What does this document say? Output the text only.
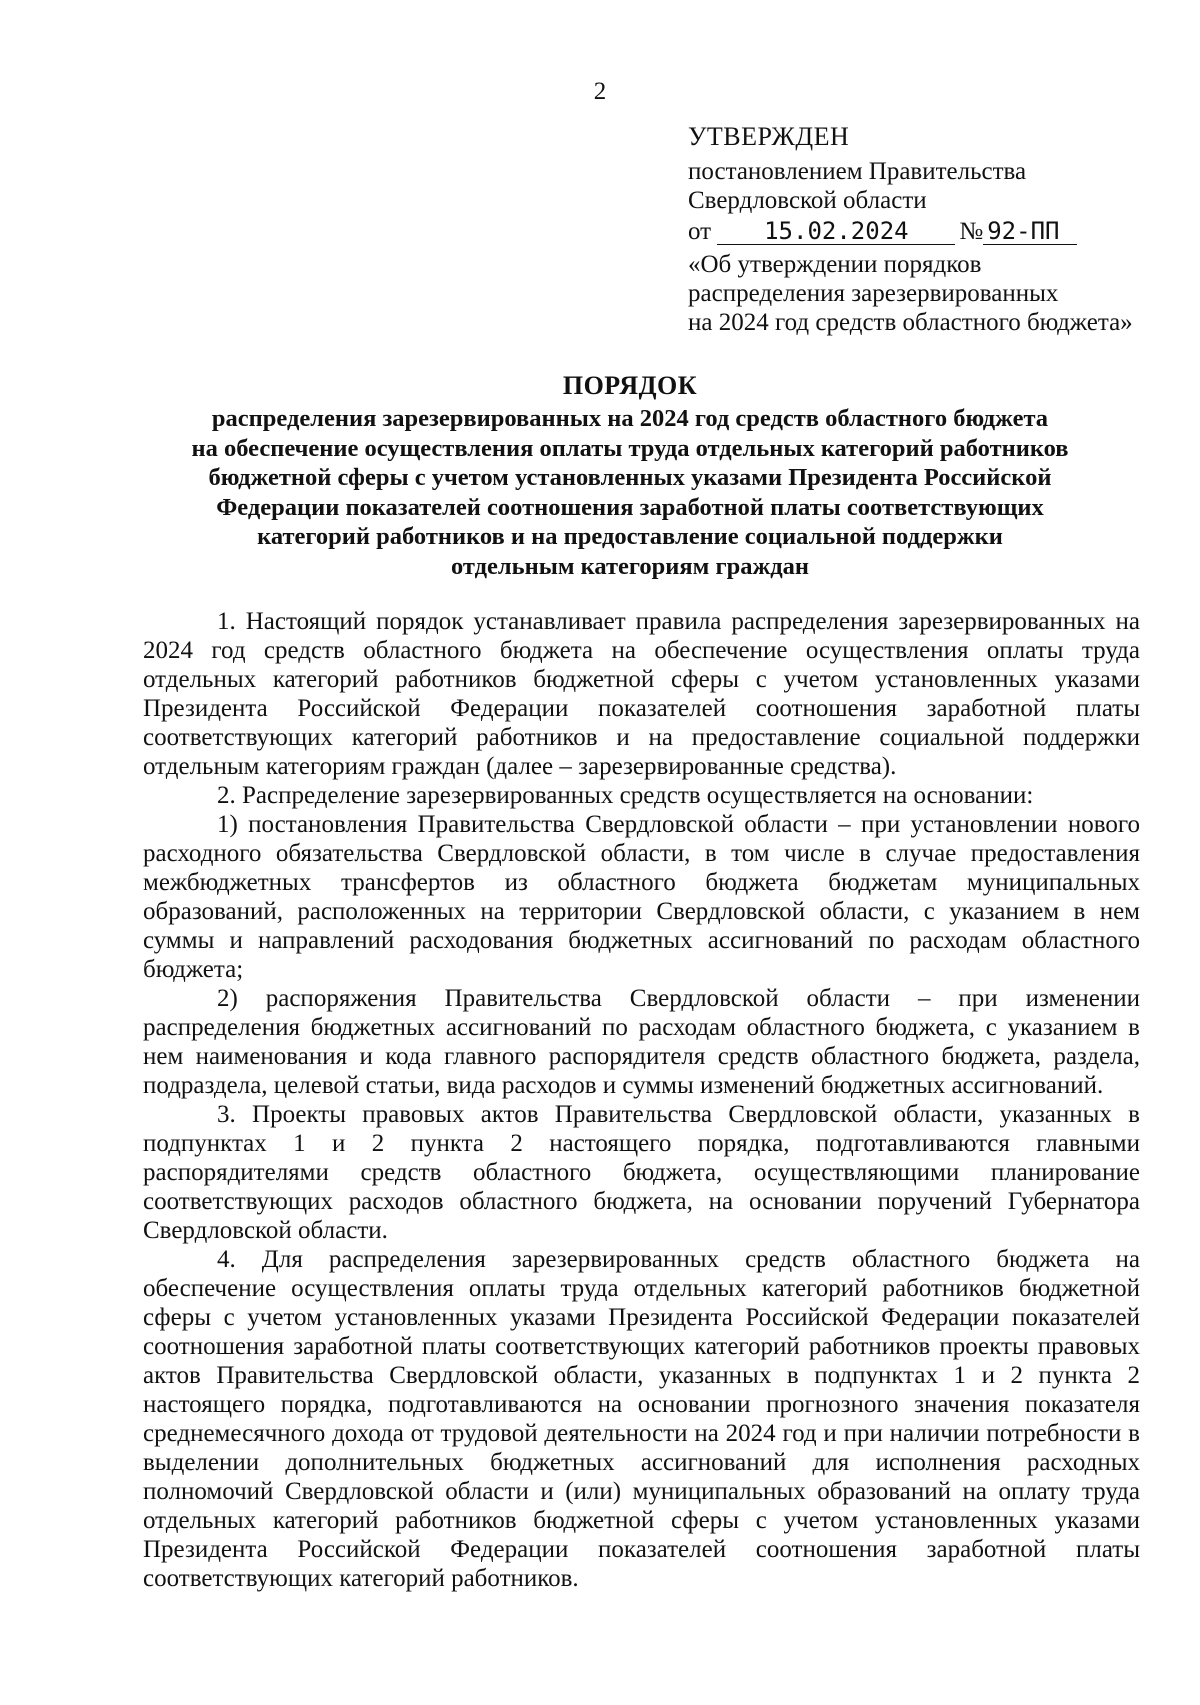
2
УТВЕРЖДЕН
постановлением Правительства
Свердловской области
от 15.02.2024 № 92-ПП
«Об утверждении порядков
распределения зарезервированных
на 2024 год средств областного бюджета»
ПОРЯДОК
распределения зарезервированных на 2024 год средств областного бюджета
на обеспечение осуществления оплаты труда отдельных категорий работников
бюджетной сферы с учетом установленных указами Президента Российской
Федерации показателей соотношения заработной платы соответствующих
категорий работников и на предоставление социальной поддержки
отдельным категориям граждан

1. Настоящий порядок устанавливает правила распределения зарезервированных на 2024 год средств областного бюджета на обеспечение осуществления оплаты труда отдельных категорий работников бюджетной сферы с учетом установленных указами Президента Российской Федерации показателей соотношения заработной платы соответствующих категорий работников и на предоставление социальной поддержки отдельным категориям граждан (далее – зарезервированные средства).

2. Распределение зарезервированных средств осуществляется на основании:

1) постановления Правительства Свердловской области – при установлении нового расходного обязательства Свердловской области, в том числе в случае предоставления межбюджетных трансфертов из областного бюджета бюджетам муниципальных образований, расположенных на территории Свердловской области, с указанием в нем суммы и направлений расходования бюджетных ассигнований по расходам областного бюджета;

2) распоряжения Правительства Свердловской области – при изменении распределения бюджетных ассигнований по расходам областного бюджета, с указанием в нем наименования и кода главного распорядителя средств областного бюджета, раздела, подраздела, целевой статьи, вида расходов и суммы изменений бюджетных ассигнований.

3. Проекты правовых актов Правительства Свердловской области, указанных в подпунктах 1 и 2 пункта 2 настоящего порядка, подготавливаются главными распорядителями средств областного бюджета, осуществляющими планирование соответствующих расходов областного бюджета, на основании поручений Губернатора Свердловской области.

4. Для распределения зарезервированных средств областного бюджета на обеспечение осуществления оплаты труда отдельных категорий работников бюджетной сферы с учетом установленных указами Президента Российской Федерации показателей соотношения заработной платы соответствующих категорий работников проекты правовых актов Правительства Свердловской области, указанных в подпунктах 1 и 2 пункта 2 настоящего порядка, подготавливаются на основании прогнозного значения показателя среднемесячного дохода от трудовой деятельности на 2024 год и при наличии потребности в выделении дополнительных бюджетных ассигнований для исполнения расходных полномочий Свердловской области и (или) муниципальных образований на оплату труда отдельных категорий работников бюджетной сферы с учетом установленных указами Президента Российской Федерации показателей соотношения заработной платы соответствующих категорий работников.
